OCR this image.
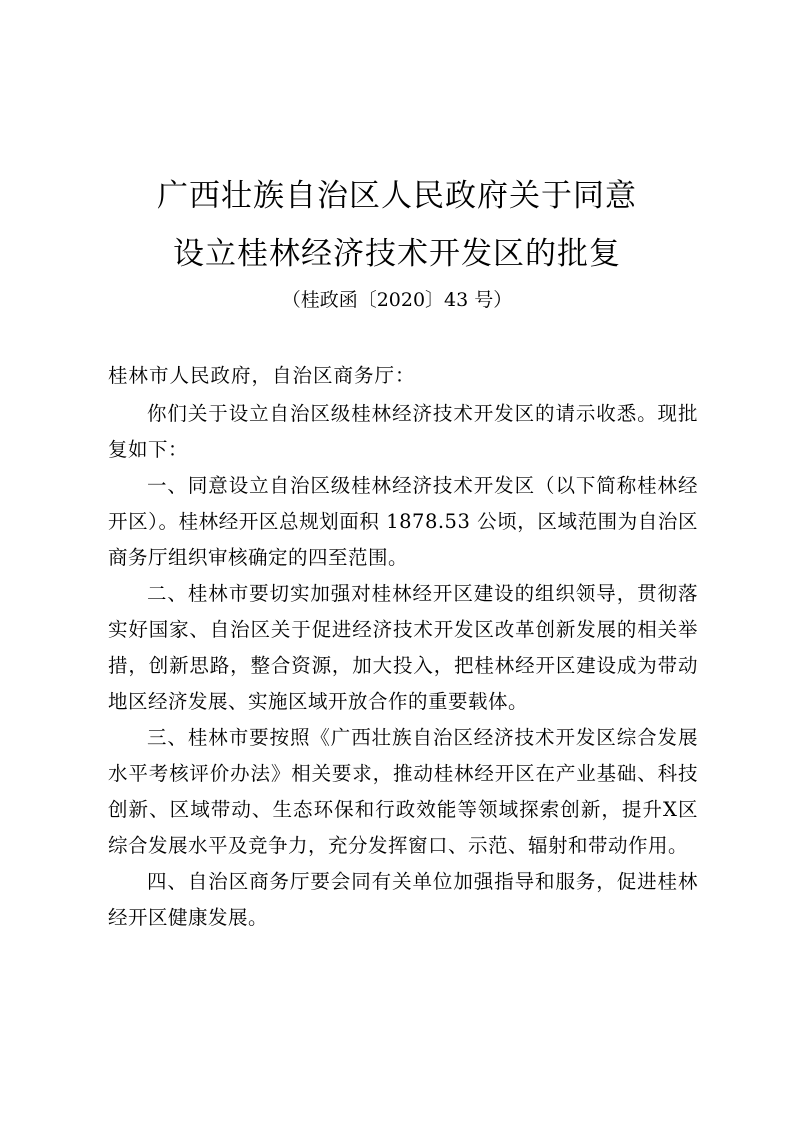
广西壮族自治区人民政府关于同意
设立桂林经济技术开发区的批复
（桂政函〔2020〕43 号）
桂林市人民政府，自治区商务厅：

你们关于设立自治区级桂林经济技术开发区的请示收悉。现批复如下：

一、同意设立自治区级桂林经济技术开发区（以下简称桂林经开区）。桂林经开区总规划面积 1878.53 公顷，区域范围为自治区商务厅组织审核确定的四至范围。

二、桂林市要切实加强对桂林经开区建设的组织领导，贯彻落实好国家、自治区关于促进经济技术开发区改革创新发展的相关举措，创新思路，整合资源，加大投入，把桂林经开区建设成为带动地区经济发展、实施区域开放合作的重要载体。

三、桂林市要按照《广西壮族自治区经济技术开发区综合发展水平考核评价办法》相关要求，推动桂林经开区在产业基础、科技创新、区域带动、生态环保和行政效能等领域探索创新，提升X区综合发展水平及竞争力，充分发挥窗口、示范、辐射和带动作用。

四、自治区商务厅要会同有关单位加强指导和服务，促进桂林经开区健康发展。
